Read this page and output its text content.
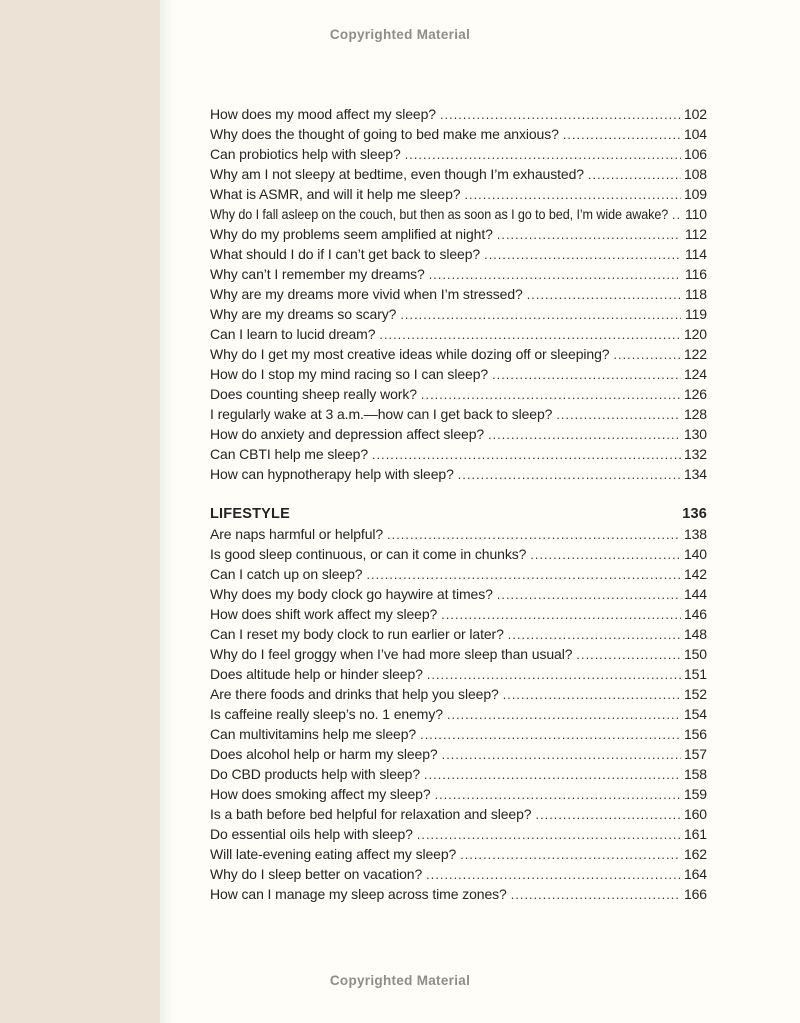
Copyrighted Material
How does my mood affect my sleep? .....	102
Why does the thought of going to bed make me anxious? .....	104
Can probiotics help with sleep? .....	106
Why am I not sleepy at bedtime, even though I’m exhausted? .....	108
What is ASMR, and will it help me sleep? .....	109
Why do I fall asleep on the couch, but then as soon as I go to bed, I’m wide awake? ..... 110
Why do my problems seem amplified at night? .....	112
What should I do if I can’t get back to sleep? .....	114
Why can’t I remember my dreams? .....	116
Why are my dreams more vivid when I’m stressed? .....	118
Why are my dreams so scary? .....	119
Can I learn to lucid dream? .....	120
Why do I get my most creative ideas while dozing off or sleeping? .....	122
How do I stop my mind racing so I can sleep? .....	124
Does counting sheep really work? .....	126
I regularly wake at 3 a.m.—how can I get back to sleep? .....	128
How do anxiety and depression affect sleep? .....	130
Can CBTI help me sleep? .....	132
How can hypnotherapy help with sleep? .....	134
LIFESTYLE	136
Are naps harmful or helpful? .....	138
Is good sleep continuous, or can it come in chunks? .....	140
Can I catch up on sleep? .....	142
Why does my body clock go haywire at times? .....	144
How does shift work affect my sleep? .....	146
Can I reset my body clock to run earlier or later? .....	148
Why do I feel groggy when I’ve had more sleep than usual? .....	150
Does altitude help or hinder sleep? .....	151
Are there foods and drinks that help you sleep? .....	152
Is caffeine really sleep’s no. 1 enemy? .....	154
Can multivitamins help me sleep? .....	156
Does alcohol help or harm my sleep? .....	157
Do CBD products help with sleep? .....	158
How does smoking affect my sleep? .....	159
Is a bath before bed helpful for relaxation and sleep? .....	160
Do essential oils help with sleep? .....	161
Will late-evening eating affect my sleep? .....	162
Why do I sleep better on vacation? .....	164
How can I manage my sleep across time zones? .....	166
Copyrighted Material
